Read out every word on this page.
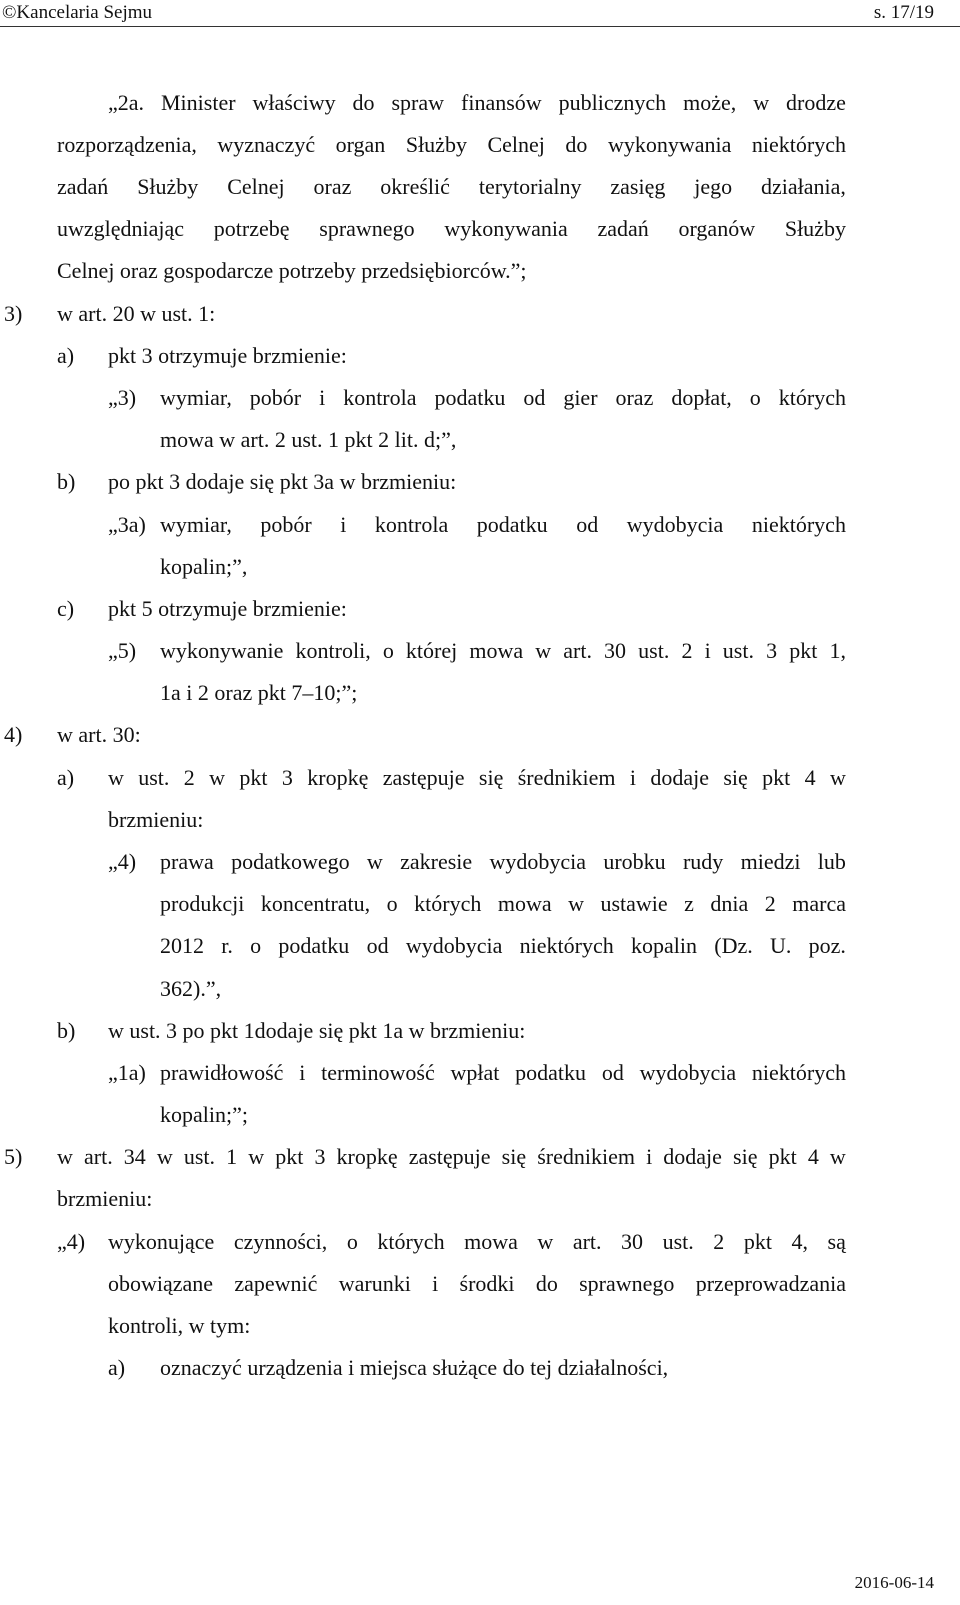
©Kancelaria Sejmu	s. 17/19
„2a. Minister właściwy do spraw finansów publicznych może, w drodze
rozporządzenia, wyznaczyć organ Służby Celnej do wykonywania niektórych
zadań Służby Celnej oraz określić terytorialny zasięg jego działania,
uwzględniając potrzebę sprawnego wykonywania zadań organów Służby
Celnej oraz gospodarcze potrzeby przedsiębiorców.”;
3) w art. 20 w ust. 1:
a) pkt 3 otrzymuje brzmienie:
„3) wymiar, pobór i kontrola podatku od gier oraz dopłat, o których
mowa w art. 2 ust. 1 pkt 2 lit. d;”,
b) po pkt 3 dodaje się pkt 3a w brzmieniu:
„3a) wymiar, pobór i kontrola podatku od wydobycia niektórych
kopalin;”,
c) pkt 5 otrzymuje brzmienie:
„5) wykonywanie kontroli, o której mowa w art. 30 ust. 2 i ust. 3 pkt 1,
1a i 2 oraz pkt 7–10;”;
4) w art. 30:
a) w ust. 2 w pkt 3 kropkę zastępuje się średnikiem i dodaje się pkt 4 w
brzmieniu:
„4) prawa podatkowego w zakresie wydobycia urobku rudy miedzi lub
produkcji koncentratu, o których mowa w ustawie z dnia 2 marca
2012 r. o podatku od wydobycia niektórych kopalin (Dz. U. poz.
362).”,
b) w ust. 3 po pkt 1dodaje się pkt 1a w brzmieniu:
„1a) prawidłowość i terminowość wpłat podatku od wydobycia niektórych
kopalin;”;
5) w art. 34 w ust. 1 w pkt 3 kropkę zastępuje się średnikiem i dodaje się pkt 4 w
brzmieniu:
„4) wykonujące czynności, o których mowa w art. 30 ust. 2 pkt 4, są
obowiązane zapewnić warunki i środki do sprawnego przeprowadzania
kontroli, w tym:
a) oznaczyć urządzenia i miejsca służące do tej działalności,
2016-06-14
